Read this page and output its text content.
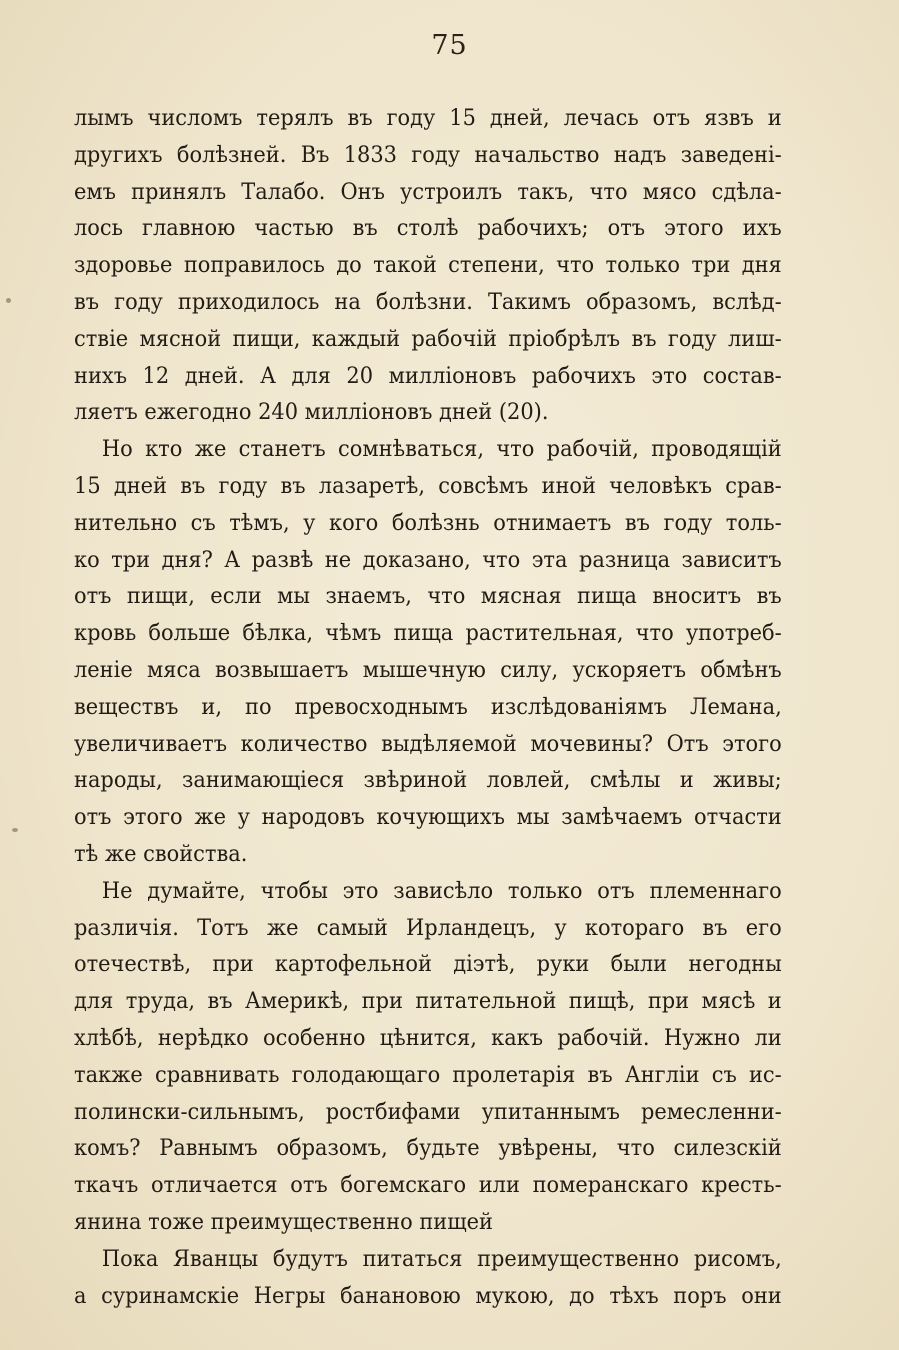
75
лымъ числомъ терялъ въ году 15 дней, лечась отъ язвъ и
другихъ болѣзней. Въ 1833 году начальство надъ заведені-
емъ принялъ Талабо. Онъ устроилъ такъ, что мясо сдѣла-
лось главною частью въ столѣ рабочихъ; отъ этого ихъ
здоровье поправилось до такой степени, что только три дня
въ году приходилось на болѣзни. Такимъ образомъ, вслѣд-
ствіе мясной пищи, каждый рабочій пріобрѣлъ въ году лиш-
нихъ 12 дней. А для 20 милліоновъ рабочихъ это состав-
ляетъ ежегодно 240 милліоновъ дней (20).
Но кто же станетъ сомнѣваться, что рабочій, проводящій
15 дней въ году въ лазаретѣ, совсѣмъ иной человѣкъ срав-
нительно съ тѣмъ, у кого болѣзнь отнимаетъ въ году толь-
ко три дня? А развѣ не доказано, что эта разница зависитъ
отъ пищи, если мы знаемъ, что мясная пища вноситъ въ
кровь больше бѣлка, чѣмъ пища растительная, что употреб-
леніе мяса возвышаетъ мышечную силу, ускоряетъ обмѣнъ
веществъ и, по превосходнымъ изслѣдованіямъ Лемана,
увеличиваетъ количество выдѣляемой мочевины? Отъ этого
народы, занимающіеся звѣриной ловлей, смѣлы и живы;
отъ этого же у народовъ кочующихъ мы замѣчаемъ отчасти
тѣ же свойства.
Не думайте, чтобы это зависѣло только отъ племеннаго
различія. Тотъ же самый Ирландецъ, у котораго въ его
отечествѣ, при картофельной діэтѣ, руки были негодны
для труда, въ Америкѣ, при питательной пищѣ, при мясѣ и
хлѣбѣ, нерѣдко особенно цѣнится, какъ рабочій. Нужно ли
также сравнивать голодающаго пролетарія въ Англіи съ ис-
полински-сильнымъ, ростбифами упитаннымъ ремесленни-
комъ? Равнымъ образомъ, будьте увѣрены, что силезскій
ткачъ отличается отъ богемскаго или померанскаго кресть-
янина тоже преимущественно пищей
Пока Яванцы будутъ питаться преимущественно рисомъ,
а суринамскіе Негры банановою мукою, до тѣхъ поръ они
